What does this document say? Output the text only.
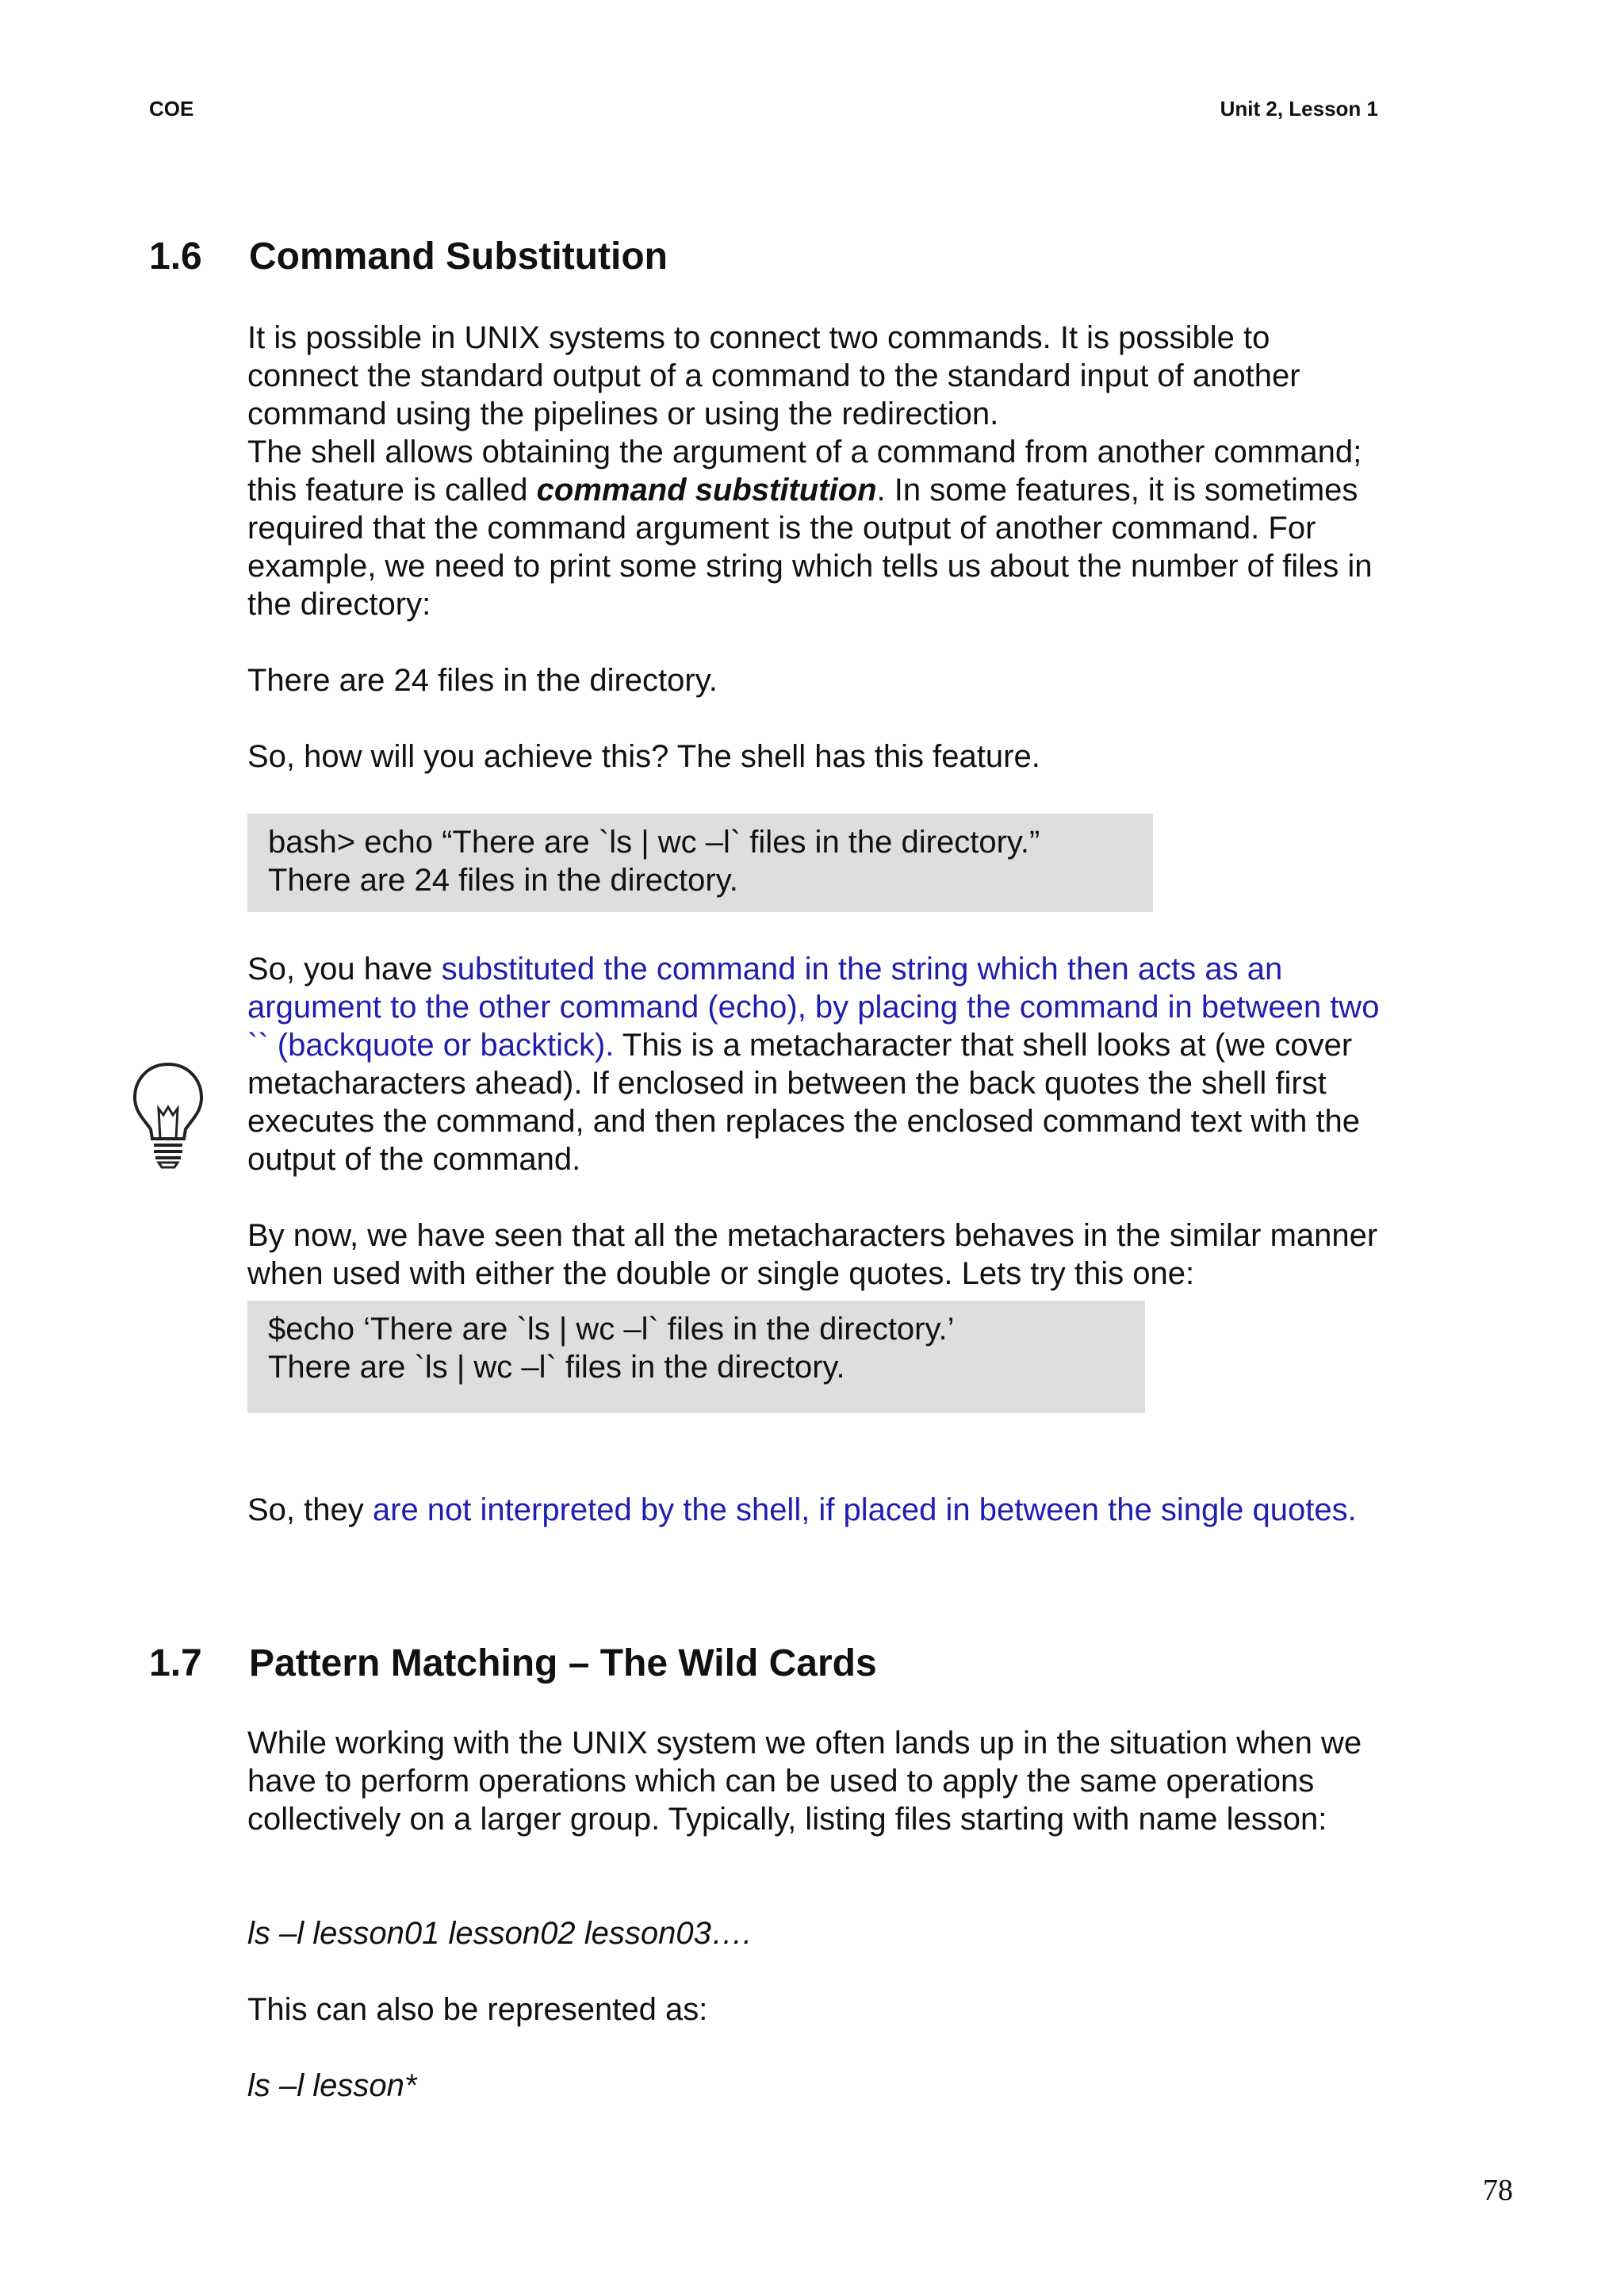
COE	Unit 2, Lesson 1
1.6 Command Substitution

It is possible in UNIX systems to connect two commands. It is possible to connect the standard output of a command to the standard input of another command using the pipelines or using the redirection.

The shell allows obtaining the argument of a command from another command; this feature is called command substitution. In some features, it is sometimes required that the command argument is the output of another command. For example, we need to print some string which tells us about the number of files in the directory:

There are 24 files in the directory.
So, how will you achieve this? The shell has this feature.
bash> echo “There are `ls | wc –l` files in the directory.”
There are 24 files in the directory.

So, you have substituted the command in the string which then acts as an argument to the other command (echo), by placing the command in between two `` (backquote or backtick). This is a metacharacter that shell looks at (we cover metacharacters ahead). If enclosed in between the back quotes the shell first executes the command, and then replaces the enclosed command text with the output of the command.

By now, we have seen that all the metacharacters behaves in the similar manner when used with either the double or single quotes. Lets try this one:
$echo ‘There are `ls | wc –l` files in the directory.’
There are `ls | wc –l` files in the directory.

So, they are not interpreted by the shell, if placed in between the single quotes.

1.7 Pattern Matching – The Wild Cards
While working with the UNIX system we often lands up in the situation when we have to perform operations which can be used to apply the same operations collectively on a larger group. Typically, listing files starting with name lesson:
ls –l lesson01 lesson02 lesson03….
This can also be represented as:
ls –l lesson*
78
